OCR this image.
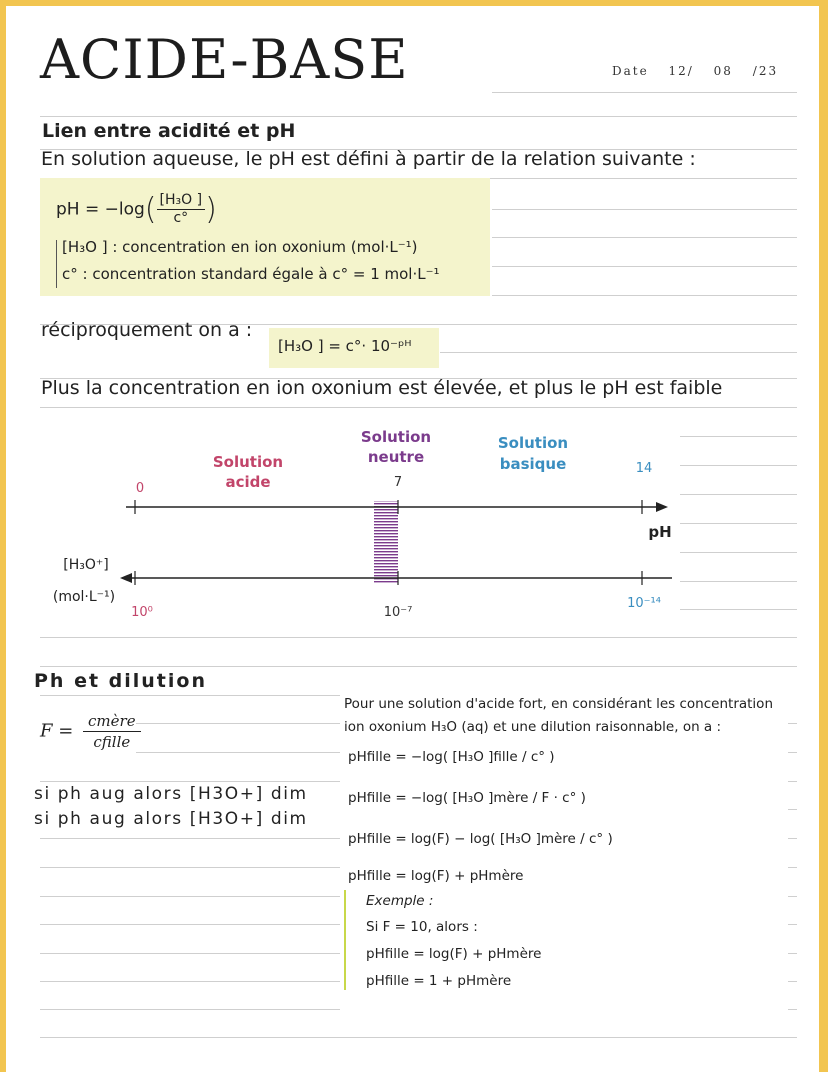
ACIDE-BASE	Date 12/ 08 /23
Lien entre acidité et pH
En solution aqueuse, le pH est défini à partir de la relation suivante :
pH = $-\log( \frac{\text{[H₃O ]}}{c^\circ}$ )
[H₃O ] : concentration en ion oxonium (mol·L⁻¹)
c° : concentration standard égale à c° = 1 mol·L⁻¹
réciproquement on a :
[H₃O ] = c°· 10⁻ᵖᴴ
Plus la concentration en ion oxonium est élevée, et plus le pH est faible
Solution
acide
Solution
neutre
Solution
basique
0	7
14
pH
[H₃O⁺]
(mol·L⁻¹)
10⁰	10⁻⁷
10⁻¹⁴
Ph et dilution
$F = \frac{\text{cmère}}{\text{cfille}}$
si ph aug alors [H3O+] dim
si ph aug alors [H3O+] dim
Pour une solution d'acide fort, en considérant les concentration
ion oxonium H₃O (aq) et une dilution raisonnable, on a :
pHfille = −log( [H₃O ]fille / c° )
pHfille = −log( [H₃O ]mère / F · c° )
pHfille = log(F) − log( [H₃O ]mère / c° )
pHfille = log(F) + pHmère
Exemple :
Si F = 10, alors :
pHfille = log(F) + pHmère
pHfille = 1 + pHmère
